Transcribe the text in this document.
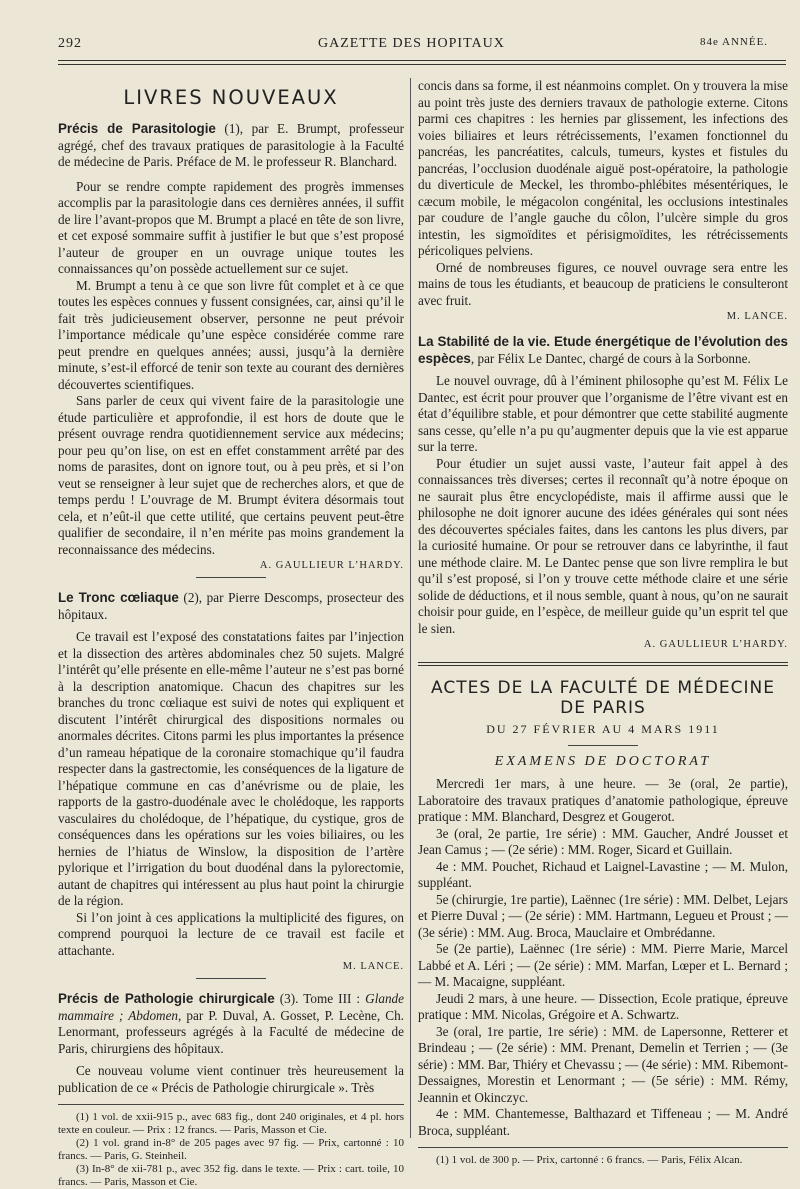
292	GAZETTE DES HOPITAUX	84e ANNÉE.
LIVRES NOUVEAUX

Précis de Parasitologie (1), par E. Brumpt, professeur agrégé, chef des travaux pratiques de parasitologie à la Faculté de médecine de Paris. Préface de M. le professeur R. Blanchard.

Pour se rendre compte rapidement des progrès immenses accomplis par la parasitologie dans ces dernières années, il suffit de lire l’avant-propos que M. Brumpt a placé en tête de son livre, et cet exposé sommaire suffit à justifier le but que s’est proposé l’auteur de grouper en un ouvrage unique toutes les connaissances qu’on possède actuellement sur ce sujet.

M. Brumpt a tenu à ce que son livre fût complet et à ce que toutes les espèces connues y fussent consignées, car, ainsi qu’il le fait très judicieusement observer, personne ne peut prévoir l’importance médicale qu’une espèce considérée comme rare peut prendre en quelques années; aussi, jusqu’à la dernière minute, s’est-il efforcé de tenir son texte au courant des dernières découvertes scientifiques.

Sans parler de ceux qui vivent faire de la parasitologie une étude particulière et approfondie, il est hors de doute que le présent ouvrage rendra quotidiennement service aux médecins; pour peu qu’on lise, on est en effet constamment arrêté par des noms de parasites, dont on ignore tout, ou à peu près, et si l’on veut se renseigner à leur sujet que de recherches alors, et que de temps perdu ! L’ouvrage de M. Brumpt évitera désormais tout cela, et n’eût-il que cette utilité, que certains peuvent peut-être qualifier de secondaire, il n’en mérite pas moins grandement la reconnaissance des médecins.

A. GAULLIEUR L’HARDY.

Le Tronc cœliaque (2), par Pierre Descomps, prosecteur des hôpitaux.

Ce travail est l’exposé des constatations faites par l’injection et la dissection des artères abdominales chez 50 sujets. Malgré l’intérêt qu’elle présente en elle-même l’auteur ne s’est pas borné à la description anatomique. Chacun des chapitres sur les branches du tronc cœliaque est suivi de notes qui expliquent et discutent l’intérêt chirurgical des dispositions normales ou anormales décrites. Citons parmi les plus importantes la présence d’un rameau hépatique de la coronaire stomachique qu’il faudra respecter dans la gastrectomie, les conséquences de la ligature de l’hépatique commune en cas d’anévrisme ou de plaie, les rapports de la gastro-duodénale avec le cholédoque, les rapports vasculaires du cholédoque, de l’hépatique, du cystique, gros de conséquences dans les opérations sur les voies biliaires, ou les hernies de l’hiatus de Winslow, la disposition de l’artère pylorique et l’irrigation du bout duodénal dans la pylorectomie, autant de chapitres qui intéressent au plus haut point la chirurgie de la région.

Si l’on joint à ces applications la multiplicité des figures, on comprend pourquoi la lecture de ce travail est facile et attachante.

M. LANCE.

Précis de Pathologie chirurgicale (3). Tome III : Glande mammaire ; Abdomen, par P. Duval, A. Gosset, P. Lecène, Ch. Lenormant, professeurs agrégés à la Faculté de médecine de Paris, chirurgiens des hôpitaux.

Ce nouveau volume vient continuer très heureusement la publication de ce « Précis de Pathologie chirurgicale ». Très

(1) 1 vol. de xxii-915 p., avec 683 fig., dont 240 originales, et 4 pl. hors texte en couleur. — Prix : 12 francs. — Paris, Masson et Cie.

(2) 1 vol. grand in-8° de 205 pages avec 97 fig. — Prix, cartonné : 10 francs. — Paris, G. Steinheil.

(3) In-8° de xii-781 p., avec 352 fig. dans le texte. — Prix : cart. toile, 10 francs. — Paris, Masson et Cie.

concis dans sa forme, il est néanmoins complet. On y trouvera la mise au point très juste des derniers travaux de pathologie externe. Citons parmi ces chapitres : les hernies par glissement, les infections des voies biliaires et leurs rétrécissements, l’examen fonctionnel du pancréas, les pancréatites, calculs, tumeurs, kystes et fistules du pancréas, l’occlusion duodénale aiguë post-opératoire, la pathologie du diverticule de Meckel, les thrombo-phlébites mésentériques, le cæcum mobile, le mégacolon congénital, les occlusions intestinales par coudure de l’angle gauche du côlon, l’ulcère simple du gros intestin, les sigmoïdites et périsigmoïdites, les rétrécissements péricoliques pelviens.

Orné de nombreuses figures, ce nouvel ouvrage sera entre les mains de tous les étudiants, et beaucoup de praticiens le consulteront avec fruit.

M. LANCE.

La Stabilité de la vie. Etude énergétique de l’évolution des espèces, par Félix Le Dantec, chargé de cours à la Sorbonne.

Le nouvel ouvrage, dû à l’éminent philosophe qu’est M. Félix Le Dantec, est écrit pour prouver que l’organisme de l’être vivant est en état d’équilibre stable, et pour démontrer que cette stabilité augmente sans cesse, qu’elle n’a pu qu’augmenter depuis que la vie est apparue sur la terre.

Pour étudier un sujet aussi vaste, l’auteur fait appel à des connaissances très diverses; certes il reconnaît qu’à notre époque on ne saurait plus être encyclopédiste, mais il affirme aussi que le philosophe ne doit ignorer aucune des idées générales qui sont nées des découvertes spéciales faites, dans les cantons les plus divers, par la curiosité humaine. Or pour se retrouver dans ce labyrinthe, il faut une méthode claire. M. Le Dantec pense que son livre remplira le but qu’il s’est proposé, si l’on y trouve cette méthode claire et une série solide de déductions, et il nous semble, quant à nous, qu’on ne saurait choisir pour guide, en l’espèce, de meilleur guide qu’un esprit tel que le sien.

A. GAULLIEUR L’HARDY.
ACTES DE LA FACULTÉ DE MÉDECINE DE PARIS
DU 27 FÉVRIER AU 4 MARS 1911
EXAMENS DE DOCTORAT

Mercredi 1er mars, à une heure. — 3e (oral, 2e partie), Laboratoire des travaux pratiques d’anatomie pathologique, épreuve pratique : MM. Blanchard, Desgrez et Gougerot.

3e (oral, 2e partie, 1re série) : MM. Gaucher, André Jousset et Jean Camus ; — (2e série) : MM. Roger, Sicard et Guillain.

4e : MM. Pouchet, Richaud et Laignel-Lavastine ; — M. Mulon, suppléant.

5e (chirurgie, 1re partie), Laënnec (1re série) : MM. Delbet, Lejars et Pierre Duval ; — (2e série) : MM. Hartmann, Legueu et Proust ; — (3e série) : MM. Aug. Broca, Mauclaire et Ombrédanne.

5e (2e partie), Laënnec (1re série) : MM. Pierre Marie, Marcel Labbé et A. Léri ; — (2e série) : MM. Marfan, Lœper et L. Bernard ; — M. Macaigne, suppléant.

Jeudi 2 mars, à une heure. — Dissection, Ecole pratique, épreuve pratique : MM. Nicolas, Grégoire et A. Schwartz.

3e (oral, 1re partie, 1re série) : MM. de Lapersonne, Retterer et Brindeau ; — (2e série) : MM. Prenant, Demelin et Terrien ; — (3e série) : MM. Bar, Thiéry et Chevassu ; — (4e série) : MM. Ribemont-Dessaignes, Morestin et Lenormant ; — (5e série) : MM. Rémy, Jeannin et Okinczyc.

4e : MM. Chantemesse, Balthazard et Tiffeneau ; — M. André Broca, suppléant.

(1) 1 vol. de 300 p. — Prix, cartonné : 6 francs. — Paris, Félix Alcan.
